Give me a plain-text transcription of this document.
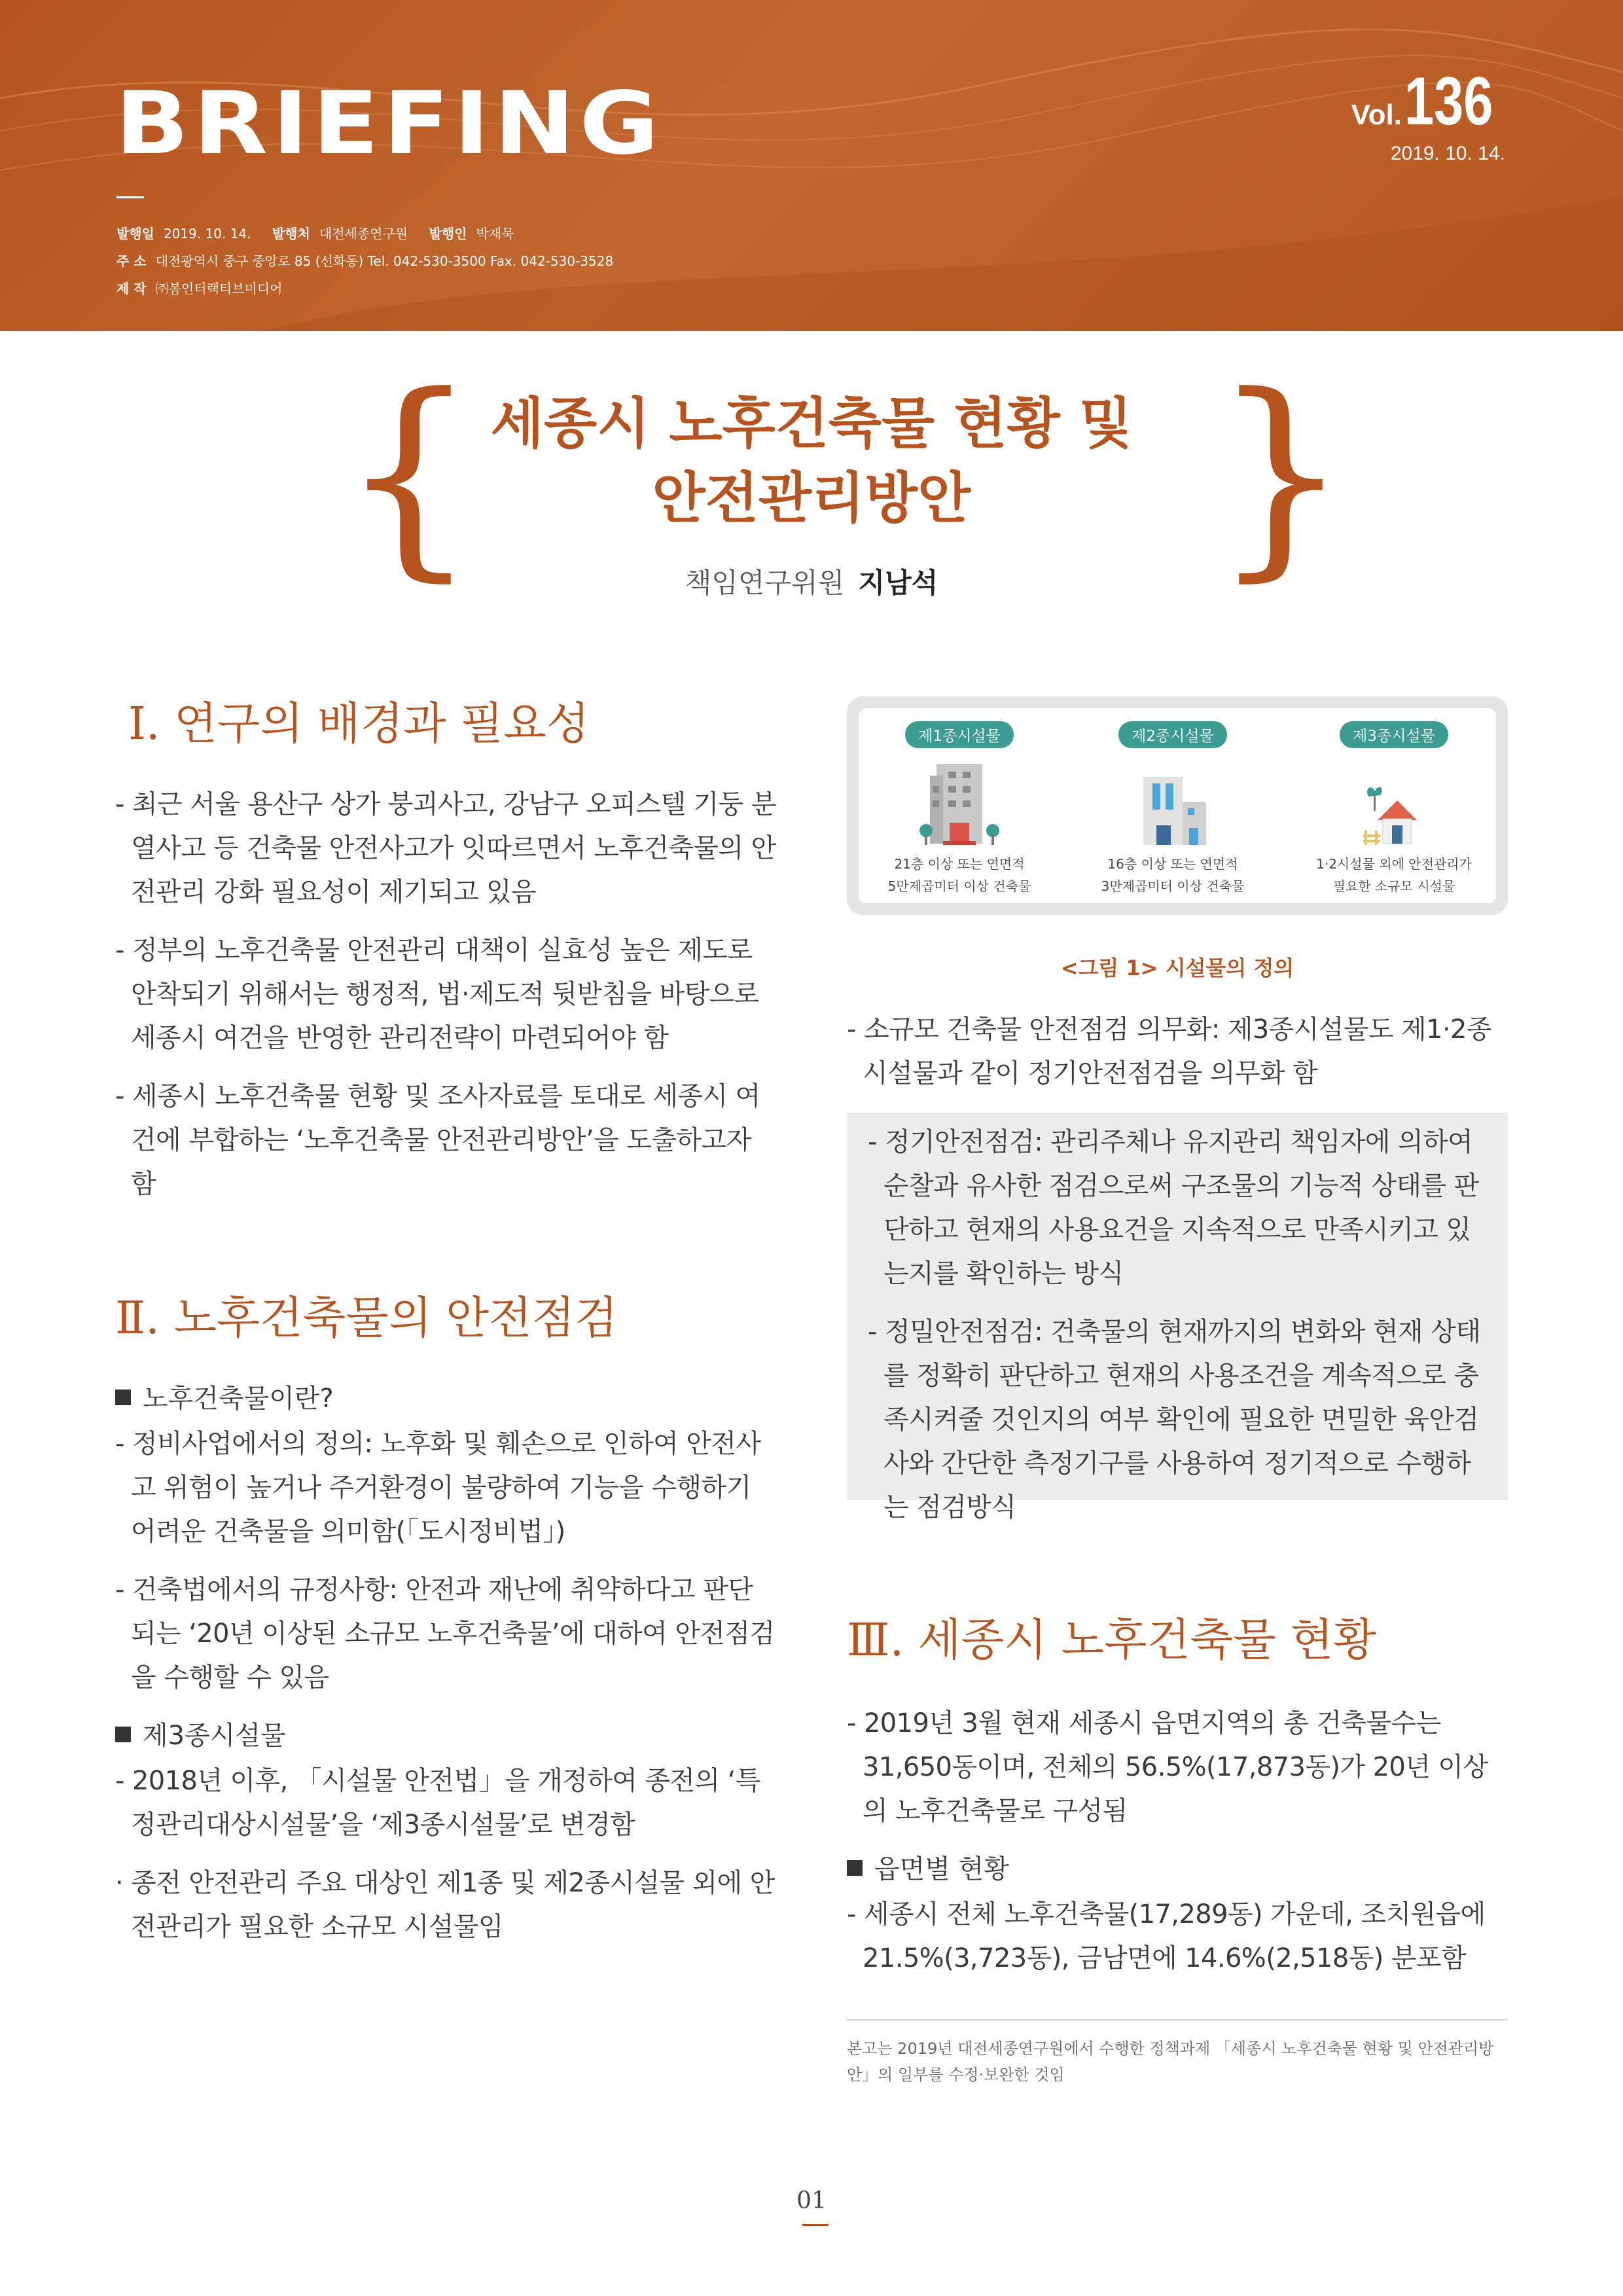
BRIEFING	Vol. 136
2019. 10. 14.
발행일 2019. 10. 14. 발행처 대전세종연구원 발행인 박재묵
주 소 대전광역시 중구 중앙로 85 (선화동) Tel. 042-530-3500 Fax. 042-530-3528
제 작 ㈜봄인터랙티브미디어
{	}
세종시 노후건축물 현황 및
안전관리방안
책임연구위원 지남석
Ⅰ. 연구의 배경과 필요성
- 최근 서울 용산구 상가 붕괴사고, 강남구 오피스텔 기둥 분열사고 등 건축물 안전사고가 잇따르면서 노후건축물의 안전관리 강화 필요성이 제기되고 있음
- 정부의 노후건축물 안전관리 대책이 실효성 높은 제도로 안착되기 위해서는 행정적, 법·제도적 뒷받침을 바탕으로 세종시 여건을 반영한 관리전략이 마련되어야 함
- 세종시 노후건축물 현황 및 조사자료를 토대로 세종시 여건에 부합하는 ‘노후건축물 안전관리방안’을 도출하고자 함
Ⅱ. 노후건축물의 안전점검
노후건축물이란?
- 정비사업에서의 정의: 노후화 및 훼손으로 인하여 안전사고 위험이 높거나 주거환경이 불량하여 기능을 수행하기 어려운 건축물을 의미함(「도시정비법」)
- 건축법에서의 규정사항: 안전과 재난에 취약하다고 판단되는 ‘20년 이상된 소규모 노후건축물’에 대하여 안전점검을 수행할 수 있음
제3종시설물
- 2018년 이후, 「시설물 안전법」을 개정하여 종전의 ‘특정관리대상시설물’을 ‘제3종시설물’로 변경함
· 종전 안전관리 주요 대상인 제1종 및 제2종시설물 외에 안전관리가 필요한 소규모 시설물임
제1종시설물
21층 이상 또는 연면적
5만제곱미터 이상 건축물
제2종시설물
16층 이상 또는 연면적
3만제곱미터 이상 건축물
제3종시설물
1·2시설물 외에 안전관리가
필요한 소규모 시설물
<그림 1> 시설물의 정의
- 소규모 건축물 안전점검 의무화: 제3종시설물도 제1·2종시설물과 같이 정기안전점검을 의무화 함
- 정기안전점검: 관리주체나 유지관리 책임자에 의하여 순찰과 유사한 점검으로써 구조물의 기능적 상태를 판단하고 현재의 사용요건을 지속적으로 만족시키고 있는지를 확인하는 방식
- 정밀안전점검: 건축물의 현재까지의 변화와 현재 상태를 정확히 판단하고 현재의 사용조건을 계속적으로 충족시켜줄 것인지의 여부 확인에 필요한 면밀한 육안검사와 간단한 측정기구를 사용하여 정기적으로 수행하는 점검방식
Ⅲ. 세종시 노후건축물 현황
- 2019년 3월 현재 세종시 읍면지역의 총 건축물수는 31,650동이며, 전체의 56.5%(17,873동)가 20년 이상의 노후건축물로 구성됨
읍면별 현황
- 세종시 전체 노후건축물(17,289동) 가운데, 조치원읍에 21.5%(3,723동), 금남면에 14.6%(2,518동) 분포함
본고는 2019년 대전세종연구원에서 수행한 정책과제 「세종시 노후건축물 현황 및 안전관리방안」의 일부를 수정·보완한 것임
01
